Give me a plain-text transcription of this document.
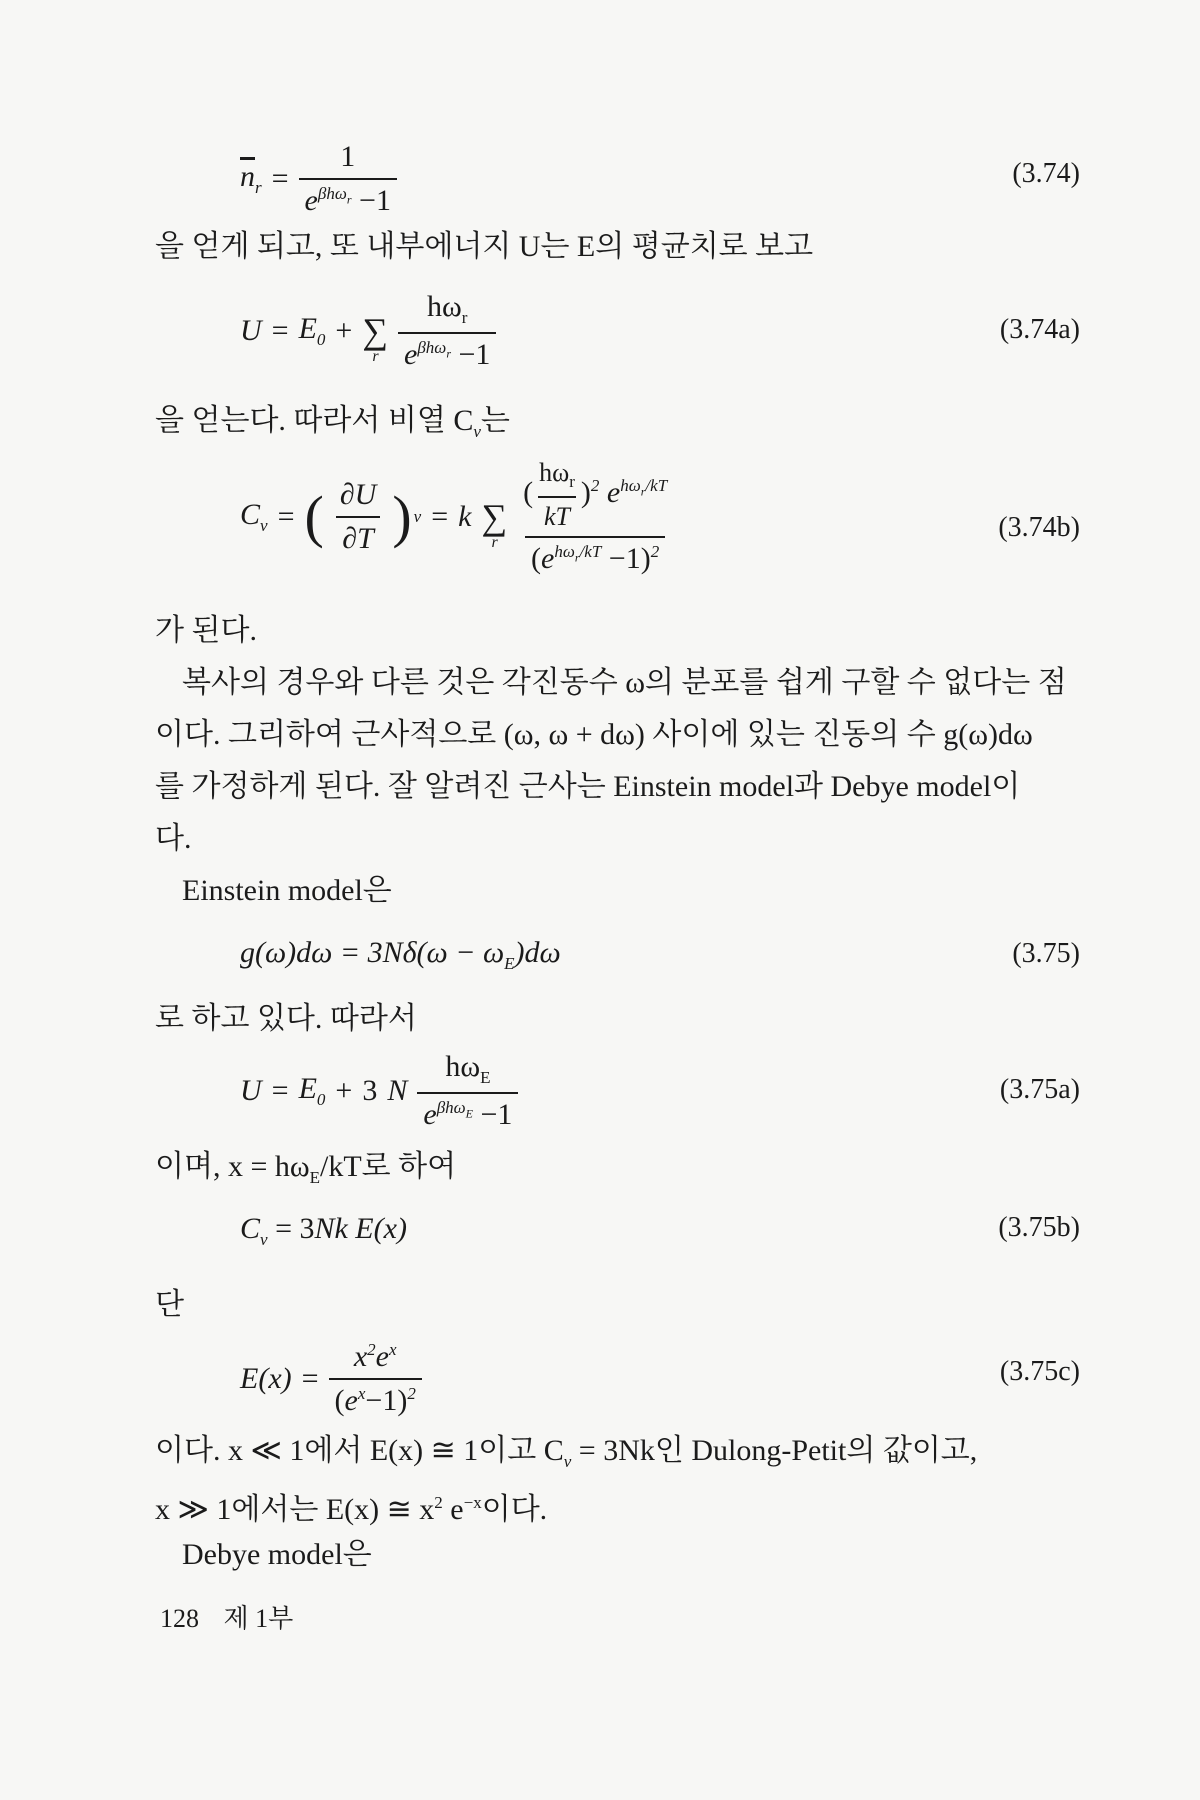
$\overline{n}_r = \frac{1}{e^{\beta h\omega_r} -1}$	(3.74)
을 얻게 되고, 또 내부에너지 U는 E의 평균치로 보고
$U = E_0$ + ∑
r $\frac{h\omega_r}{e^{\beta h\omega_r} -1}$	(3.74a)
을 얻는다. 따라서 비열 $C_v$는
$C_v$ = ( $\frac{\partial U}{\partial T}$ ) v = k ∑
r $\frac{( \frac{h\omega_r}{kT} )^2 e^{h\omega_r/kT}}{(e^{h\omega_r/kT} -1)^2}$	(3.74b)
가 된다.
복사의 경우와 다른 것은 각진동수 ω의 분포를 쉽게 구할 수 없다는 점
이다. 그리하여 근사적으로 (ω, ω + dω) 사이에 있는 진동의 수 g(ω)dω
를 가정하게 된다. 잘 알려진 근사는 Einstein model과 Debye model이
다.
Einstein model은
$g(\omega)d\omega = 3N\delta(\omega - \omega_E)d\omega$	(3.75)
로 하고 있다. 따라서
$U = E_0 + 3$ N $\frac{h\omega_E}{e^{\beta h\omega_E} -1}$	(3.75a)
이며, $x = h\omega_E/kT$로 하여
$C_v = 3Nk$ E(x)	(3.75b)
단
$E(x) = \frac{x^2e^x}{(e^x-1)^2}$	(3.75c)
이다. x ≪ 1에서 E(x) ≅ 1이고 $C_v = 3Nk$인 Dulong-Petit의 값이고,
x ≫ 1에서는 E(x) ≅ $x^2$ $e^{-x}$이다.
Debye model은
128 제 1부
